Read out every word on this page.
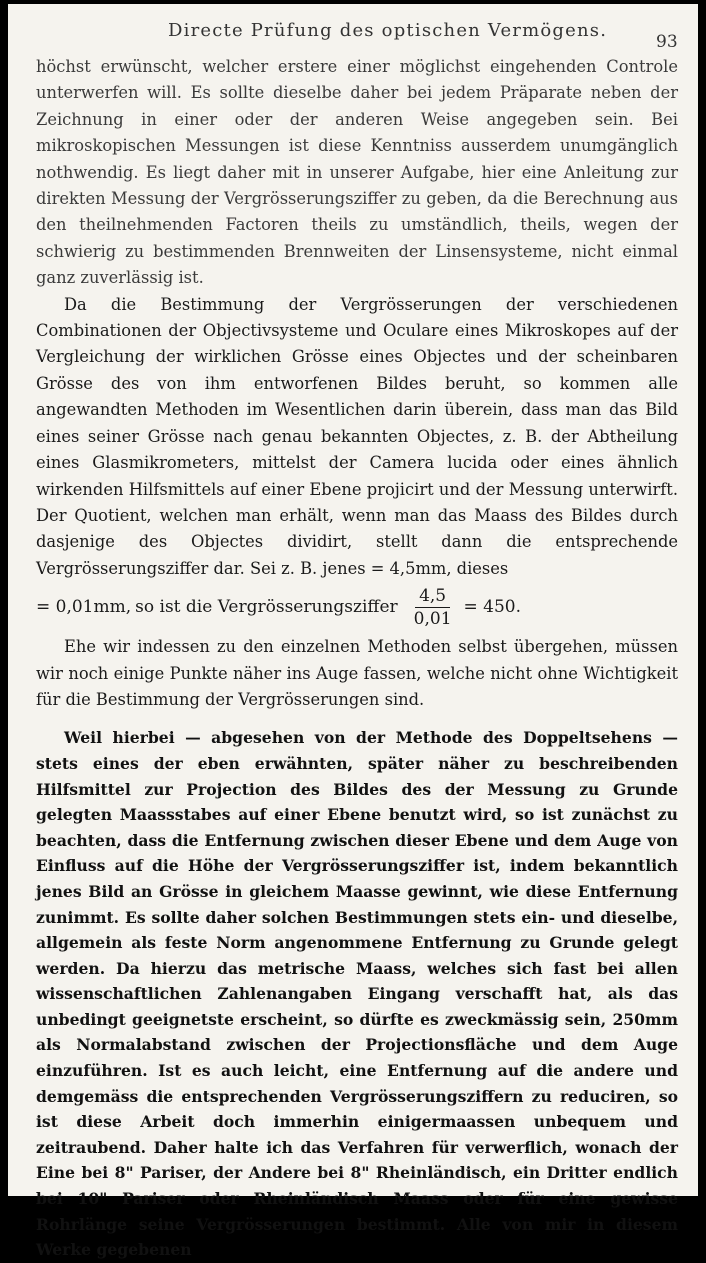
Directe Prüfung des optischen Vermögens.
93

höchst erwünscht, welcher erstere einer möglichst eingehenden Controle unterwerfen will. Es sollte dieselbe daher bei jedem Präparate neben der Zeichnung in einer oder der anderen Weise angegeben sein. Bei mikroskopischen Messungen ist diese Kenntniss ausserdem unumgänglich nothwendig. Es liegt daher mit in unserer Aufgabe, hier eine Anleitung zur direkten Messung der Vergrösserungsziffer zu geben, da die Berechnung aus den theilnehmenden Factoren theils zu umständlich, theils, wegen der schwierig zu bestimmenden Brennweiten der Linsensysteme, nicht einmal ganz zuverlässig ist.

Da die Bestimmung der Vergrösserungen der verschiedenen Combinationen der Objectivsysteme und Oculare eines Mikroskopes auf der Vergleichung der wirklichen Grösse eines Objectes und der scheinbaren Grösse des von ihm entworfenen Bildes beruht, so kommen alle angewandten Methoden im Wesentlichen darin überein, dass man das Bild eines seiner Grösse nach genau bekannten Objectes, z. B. der Abtheilung eines Glasmikrometers, mittelst der Camera lucida oder eines ähnlich wirkenden Hilfsmittels auf einer Ebene projicirt und der Messung unterwirft. Der Quotient, welchen man erhält, wenn man das Maass des Bildes durch dasjenige des Objectes dividirt, stellt dann die entsprechende Vergrösserungsziffer dar. Sei z. B. jenes = 4,5mm, dieses

= 0,01mm, so ist die Vergrösserungsziffer $\frac{4,5}{0,01} = 450$.

Ehe wir indessen zu den einzelnen Methoden selbst übergehen, müssen wir noch einige Punkte näher ins Auge fassen, welche nicht ohne Wichtigkeit für die Bestimmung der Vergrösserungen sind.

Weil hierbei — abgesehen von der Methode des Doppeltsehens — stets eines der eben erwähnten, später näher zu beschreibenden Hilfsmittel zur Projection des Bildes des der Messung zu Grunde gelegten Maassstabes auf einer Ebene benutzt wird, so ist zunächst zu beachten, dass die Entfernung zwischen dieser Ebene und dem Auge von Einfluss auf die Höhe der Vergrösserungsziffer ist, indem bekanntlich jenes Bild an Grösse in gleichem Maasse gewinnt, wie diese Entfernung zunimmt. Es sollte daher solchen Bestimmungen stets ein- und dieselbe, allgemein als feste Norm angenommene Entfernung zu Grunde gelegt werden. Da hierzu das metrische Maass, welches sich fast bei allen wissenschaftlichen Zahlenangaben Eingang verschafft hat, als das unbedingt geeignetste erscheint, so dürfte es zweckmässig sein, 250mm als Normalabstand zwischen der Projectionsfläche und dem Auge einzuführen. Ist es auch leicht, eine Entfernung auf die andere und demgemäss die entsprechenden Vergrösserungsziffern zu reduciren, so ist diese Arbeit doch immerhin einigermaassen unbequem und zeitraubend. Daher halte ich das Verfahren für verwerflich, wonach der Eine bei 8" Pariser, der Andere bei 8" Rheinländisch, ein Dritter endlich bei 10" Pariser oder Rheinländisch Maass oder für eine gewisse Rohrlänge seine Vergrösserungen bestimmt. Alle von mir in diesem Werke gegebenen
